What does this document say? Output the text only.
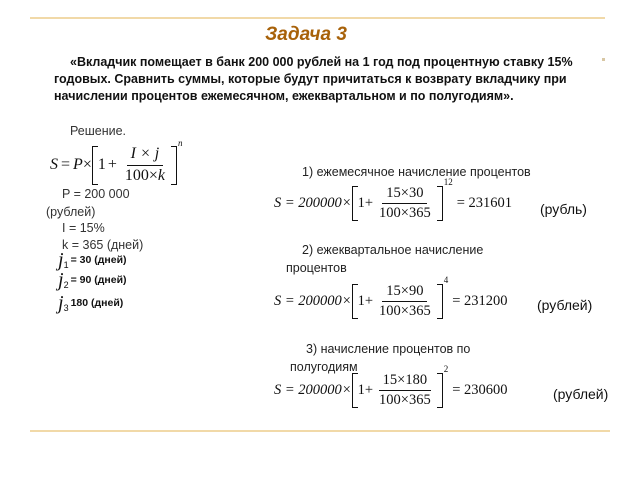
Задача 3
«Вкладчик помещает в банк 200 000 рублей на 1 год под процентную ставку 15% годовых. Сравнить суммы, которые будут причитаться к возврату вкладчику при начислении процентов ежемесячном, ежеквартальном и по полугодиям».
Решение.
$S = P \times 1 + \frac{I \times j}{100\times k}$
n
P = 200 000
(рублей)
I = 15%
k = 365 (дней)
j 1 = 30 (дней)
j 2 = 90 (дней)
j 3 180 (дней)
1) ежемесячное начисление процентов
$S = 200000\times 1+ \frac{15\times 30}{100\times 365}$
12
= 231601 (рубль)
2) ежеквартальное начисление
процентов
$S = 200000\times 1+ \frac{15\times 90}{100\times 365}$
4
= 231200 (рублей)
3) начисление процентов по
полугодиям
$S = 200000\times 1+ \frac{15\times 180}{100\times 365}$
2
= 230600	(рублей)
